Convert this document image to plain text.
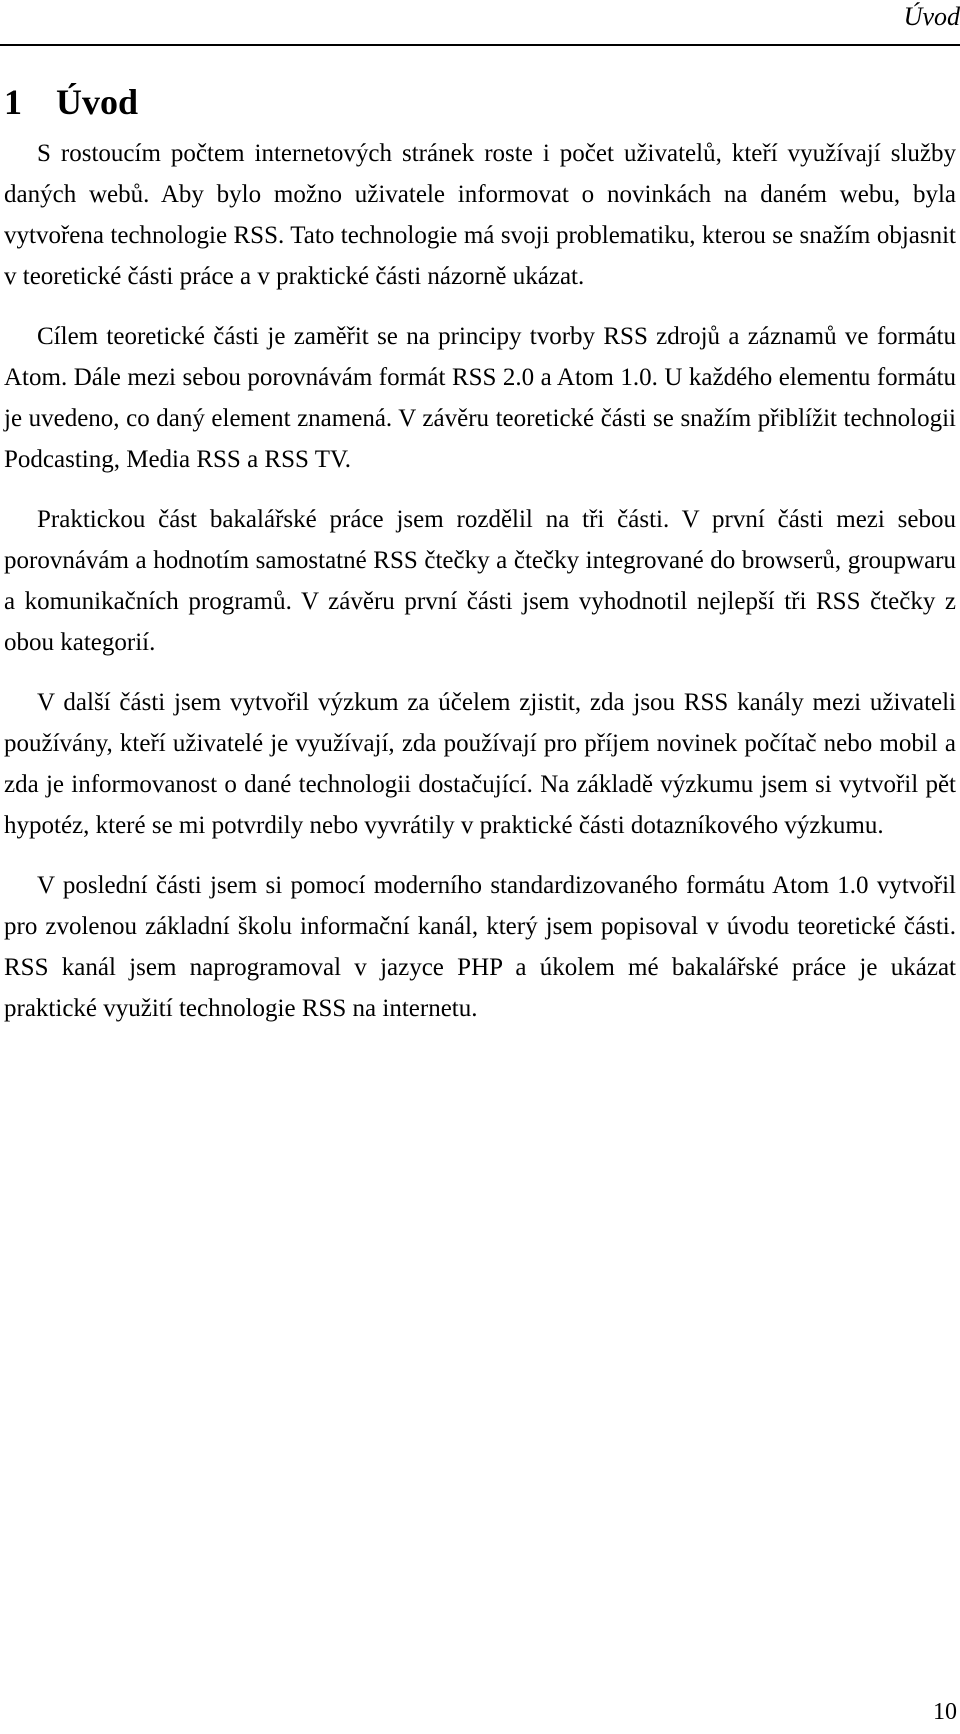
Úvod
1 Úvod

S rostoucím počtem internetových stránek roste i počet uživatelů, kteří využívají služby daných webů. Aby bylo možno uživatele informovat o novinkách na daném webu, byla vytvořena technologie RSS. Tato technologie má svoji problematiku, kterou se snažím objasnit v teoretické části práce a v praktické části názorně ukázat.

Cílem teoretické části je zaměřit se na principy tvorby RSS zdrojů a záznamů ve formátu Atom. Dále mezi sebou porovnávám formát RSS 2.0 a Atom 1.0. U každého elementu formátu je uvedeno, co daný element znamená. V závěru teoretické části se snažím přiblížit technologii Podcasting, Media RSS a RSS TV.

Praktickou část bakalářské práce jsem rozdělil na tři části. V první části mezi sebou porovnávám a hodnotím samostatné RSS čtečky a čtečky integrované do browserů, groupwaru a komunikačních programů. V závěru první části jsem vyhodnotil nejlepší tři RSS čtečky z obou kategorií.

V další části jsem vytvořil výzkum za účelem zjistit, zda jsou RSS kanály mezi uživateli používány, kteří uživatelé je využívají, zda používají pro příjem novinek počítač nebo mobil a zda je informovanost o dané technologii dostačující. Na základě výzkumu jsem si vytvořil pět hypotéz, které se mi potvrdily nebo vyvrátily v praktické části dotazníkového výzkumu.

V poslední části jsem si pomocí moderního standardizovaného formátu Atom 1.0 vytvořil pro zvolenou základní školu informační kanál, který jsem popisoval v úvodu teoretické části. RSS kanál jsem naprogramoval v jazyce PHP a úkolem mé bakalářské práce je ukázat praktické využití technologie RSS na internetu.

10
